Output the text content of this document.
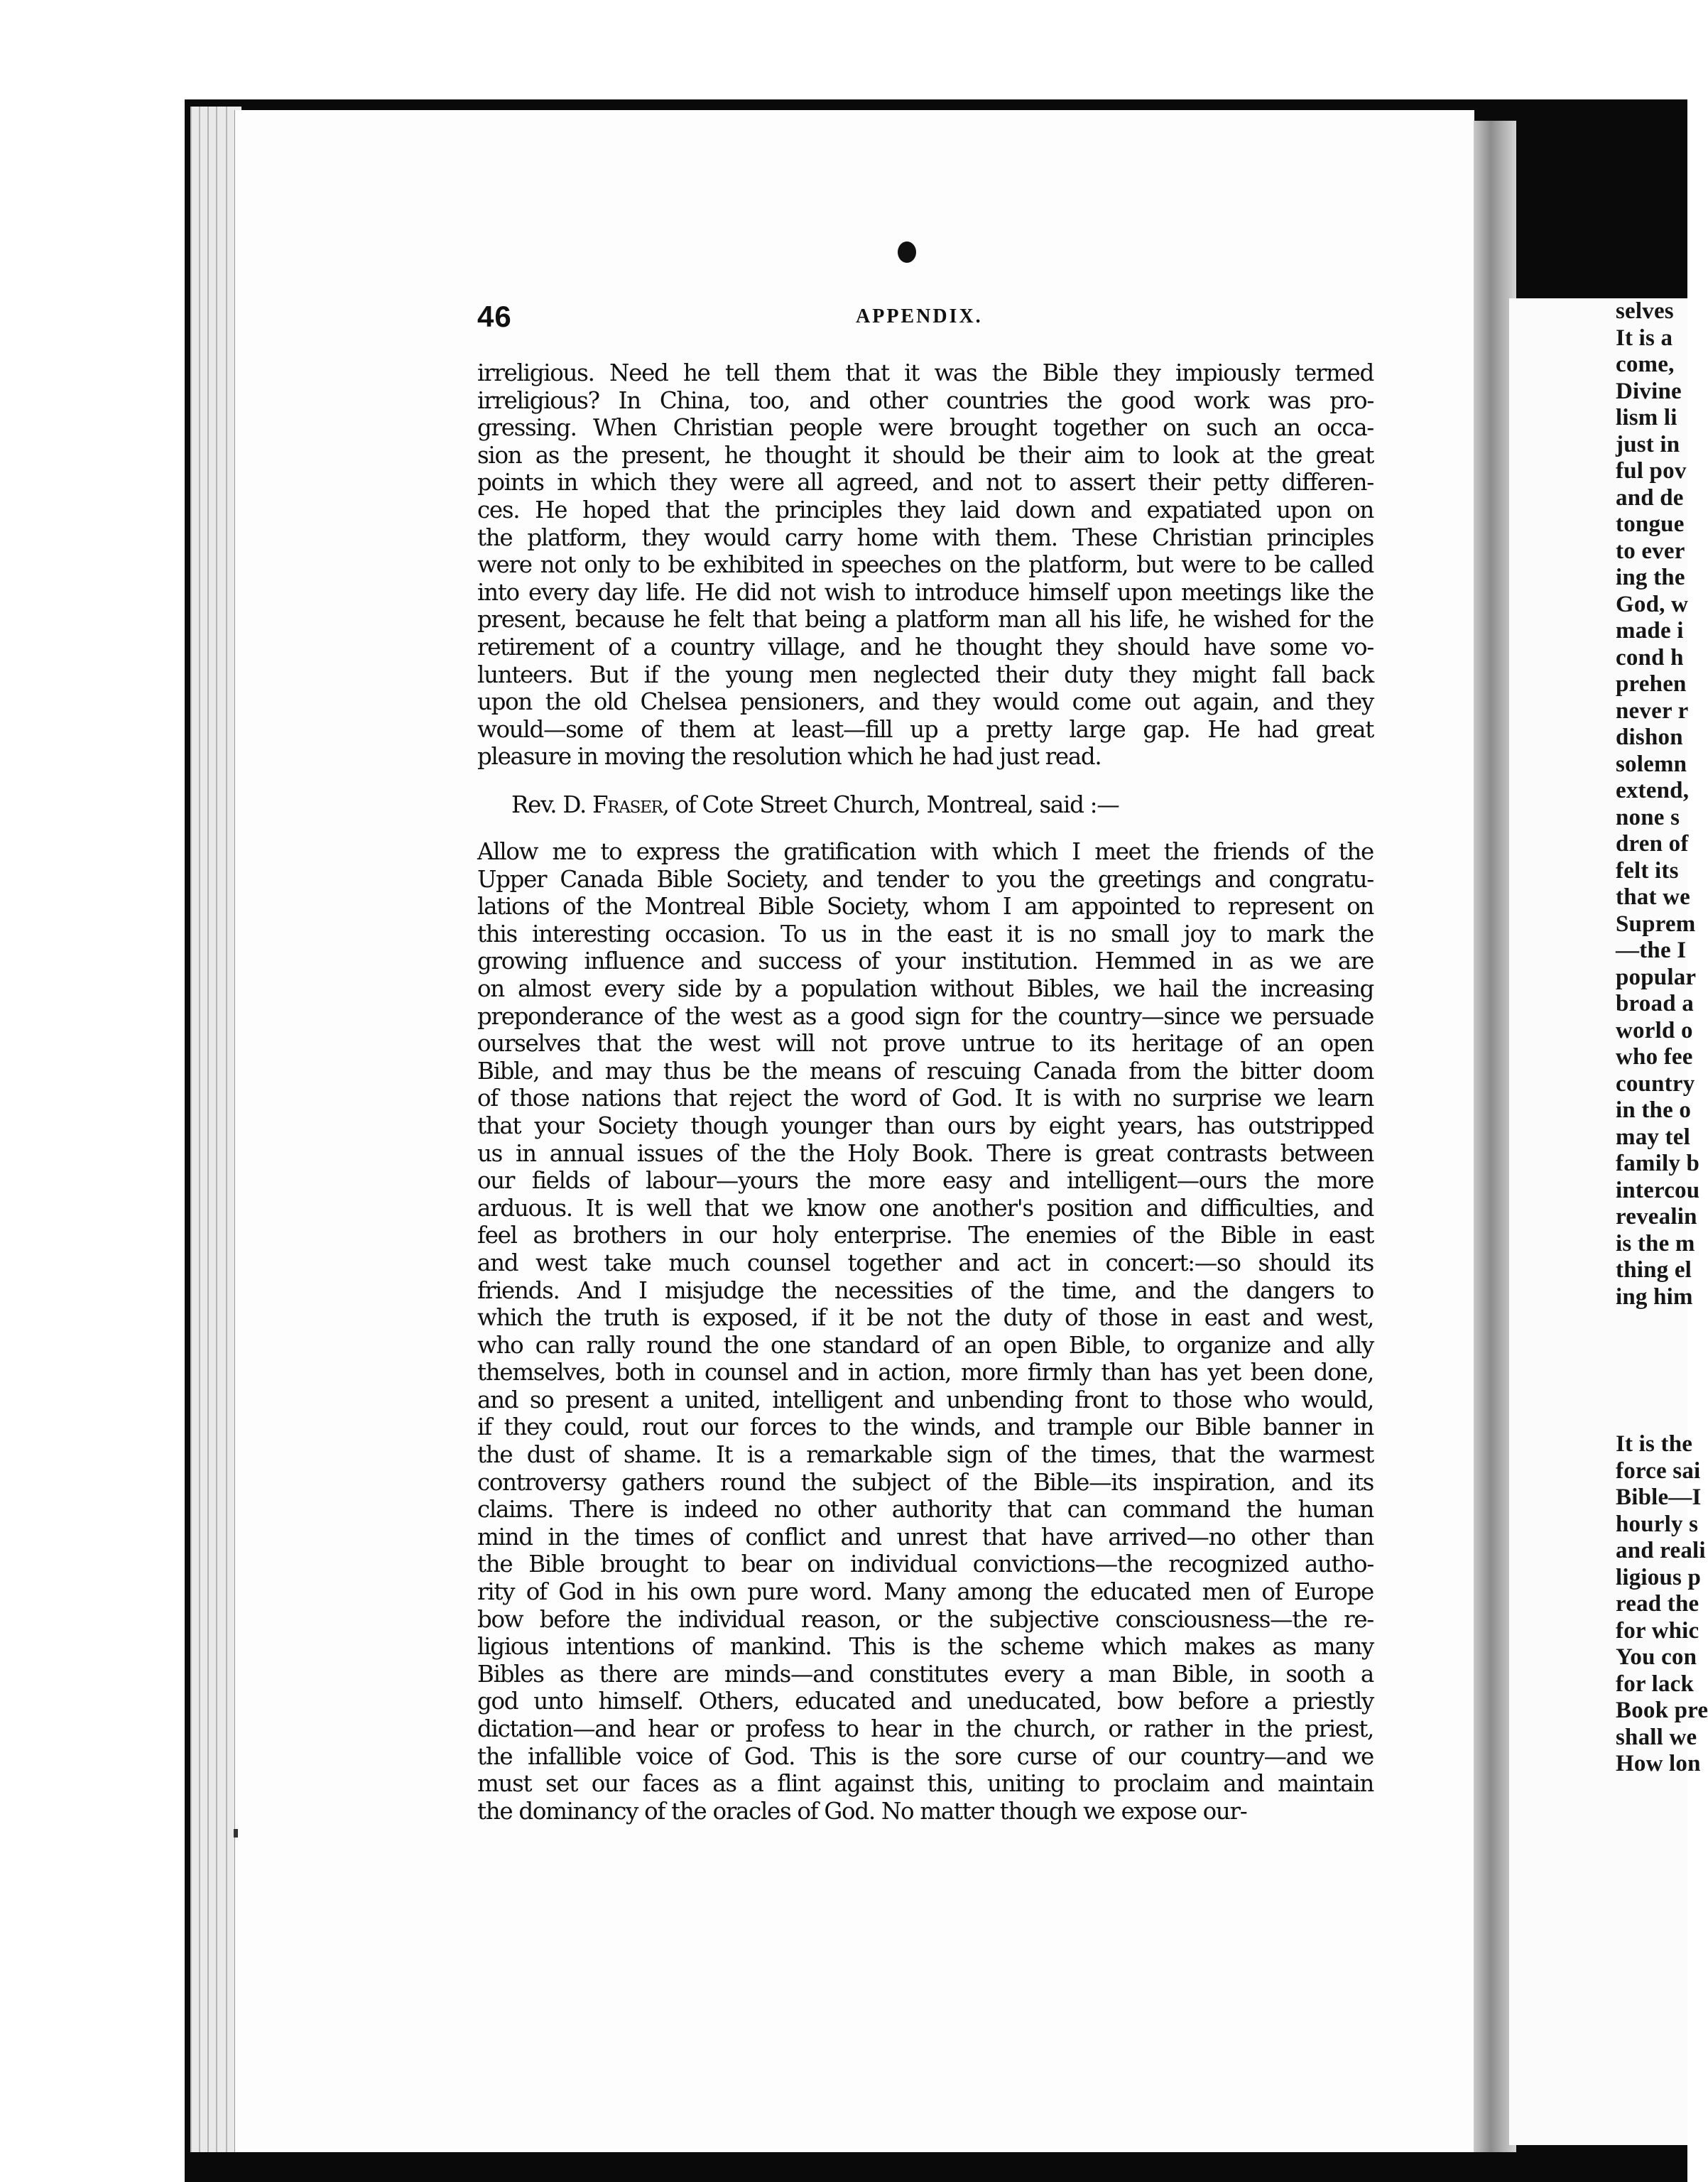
selves
It is a
come,
Divine
lism li
just in
ful pov
and de
tongue
to ever
ing the
God, w
made i
cond h
prehen
never r
dishon
solemn
extend,
none s
dren of
felt its
that we
Suprem
—the I
popular
broad a
world o
who fee
country
in the o
may tel
family b
intercou
revealin
is the m
thing el
ing him
It is the
force sai
Bible—I
hourly s
and reali
ligious p
read the
for whic
You con
for lack
Book pre
shall we
How lon
46	APPENDIX.
irreligious. Need he tell them that it was the Bible they impiously termed
irreligious? In China, too, and other countries the good work was pro-
gressing. When Christian people were brought together on such an occa-
sion as the present, he thought it should be their aim to look at the great
points in which they were all agreed, and not to assert their petty differen-
ces. He hoped that the principles they laid down and expatiated upon on
the platform, they would carry home with them. These Christian principles
were not only to be exhibited in speeches on the platform, but were to be called
into every day life. He did not wish to introduce himself upon meetings like the
present, because he felt that being a platform man all his life, he wished for the
retirement of a country village, and he thought they should have some vo-
lunteers. But if the young men neglected their duty they might fall back
upon the old Chelsea pensioners, and they would come out again, and they
would—some of them at least—fill up a pretty large gap. He had great
pleasure in moving the resolution which he had just read.
Rev. D. Fraser, of Cote Street Church, Montreal, said :—
Allow me to express the gratification with which I meet the friends of the
Upper Canada Bible Society, and tender to you the greetings and congratu-
lations of the Montreal Bible Society, whom I am appointed to represent on
this interesting occasion. To us in the east it is no small joy to mark the
growing influence and success of your institution. Hemmed in as we are
on almost every side by a population without Bibles, we hail the increasing
preponderance of the west as a good sign for the country—since we persuade
ourselves that the west will not prove untrue to its heritage of an open
Bible, and may thus be the means of rescuing Canada from the bitter doom
of those nations that reject the word of God. It is with no surprise we learn
that your Society though younger than ours by eight years, has outstripped
us in annual issues of the the Holy Book. There is great contrasts between
our fields of labour—yours the more easy and intelligent—ours the more
arduous. It is well that we know one another's position and difficulties, and
feel as brothers in our holy enterprise. The enemies of the Bible in east
and west take much counsel together and act in concert:—so should its
friends. And I misjudge the necessities of the time, and the dangers to
which the truth is exposed, if it be not the duty of those in east and west,
who can rally round the one standard of an open Bible, to organize and ally
themselves, both in counsel and in action, more firmly than has yet been done,
and so present a united, intelligent and unbending front to those who would,
if they could, rout our forces to the winds, and trample our Bible banner in
the dust of shame. It is a remarkable sign of the times, that the warmest
controversy gathers round the subject of the Bible—its inspiration, and its
claims. There is indeed no other authority that can command the human
mind in the times of conflict and unrest that have arrived—no other than
the Bible brought to bear on individual convictions—the recognized autho-
rity of God in his own pure word. Many among the educated men of Europe
bow before the individual reason, or the subjective consciousness—the re-
ligious intentions of mankind. This is the scheme which makes as many
Bibles as there are minds—and constitutes every a man Bible, in sooth a
god unto himself. Others, educated and uneducated, bow before a priestly
dictation—and hear or profess to hear in the church, or rather in the priest,
the infallible voice of God. This is the sore curse of our country—and we
must set our faces as a flint against this, uniting to proclaim and maintain
the dominancy of the oracles of God. No matter though we expose our-
